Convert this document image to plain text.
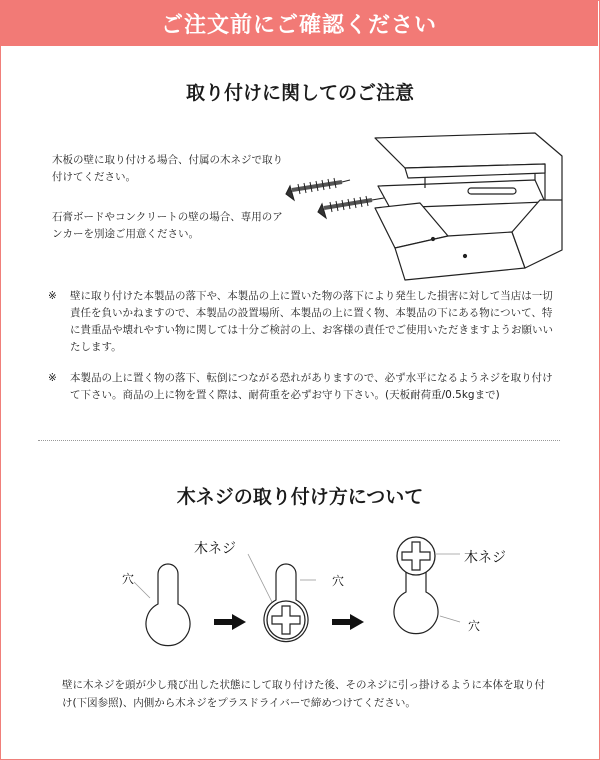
ご注文前にご確認ください
取り付けに関してのご注意
木板の壁に取り付ける場合、付属の木ネジで取り付けてください。
石膏ボードやコンクリートの壁の場合、専用のアンカーを別途ご用意ください。
※ 壁に取り付けた本製品の落下や、本製品の上に置いた物の落下により発生した損害に対して当店は一切責任を負いかねますので、本製品の設置場所、本製品の上に置く物、本製品の下にある物について、特に貴重品や壊れやすい物に関しては十分ご検討の上、お客様の責任でご使用いただきますようお願いいたします。
※ 本製品の上に置く物の落下、転倒につながる恐れがありますので、必ず水平になるようネジを取り付けて下さい。商品の上に物を置く際は、耐荷重を必ずお守り下さい。(天板耐荷重/0.5kgまで)
木ネジの取り付け方について
穴
木ネジ
穴
木ネジ
穴
壁に木ネジを頭が少し飛び出した状態にして取り付けた後、そのネジに引っ掛けるように本体を取り付け(下図参照)、内側から木ネジをプラスドライバーで締めつけてください。
